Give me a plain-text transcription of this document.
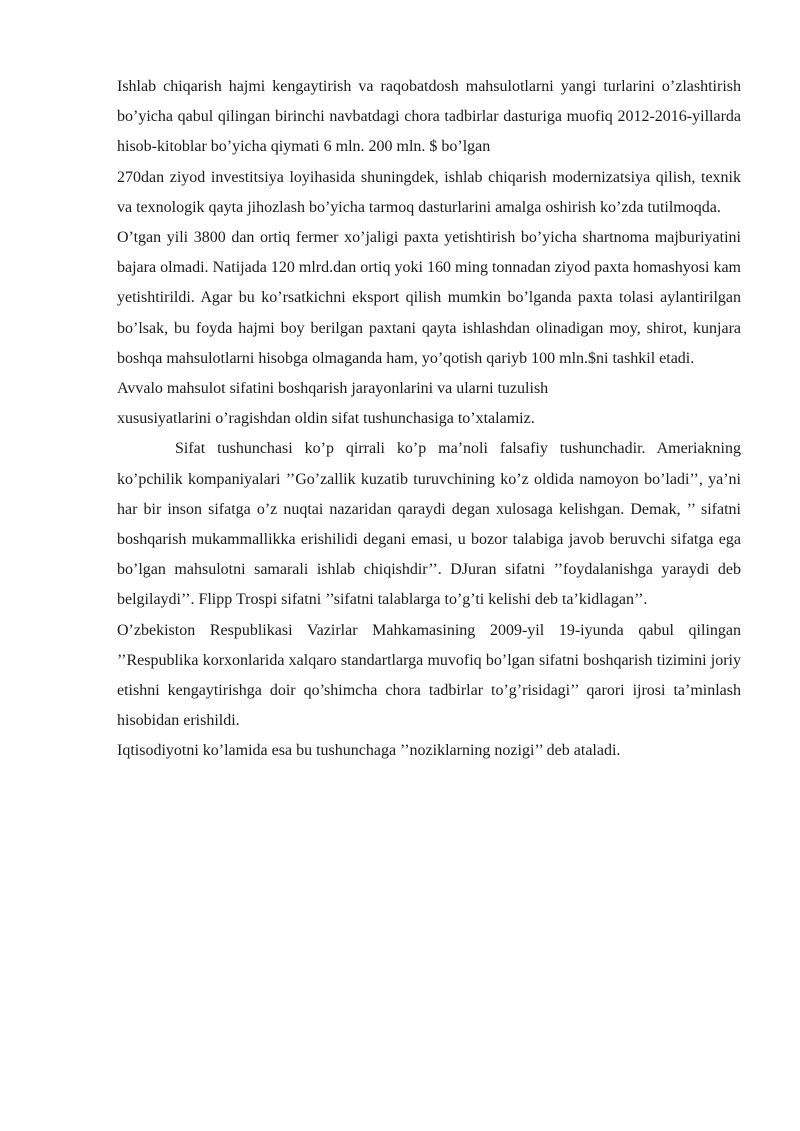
Ishlab chiqarish hajmi kengaytirish va raqobatdosh mahsulotlarni yangi turlarini o’zlashtirish bo’yicha qabul qilingan birinchi navbatdagi chora tadbirlar dasturiga muofiq 2012-2016-yillarda hisob-kitoblar bo’yicha qiymati 6 mln. 200 mln. $ bo’lgan

270dan ziyod investitsiya loyihasida shuningdek, ishlab chiqarish modernizatsiya qilish, texnik va texnologik qayta jihozlash bo’yicha tarmoq dasturlarini amalga oshirish ko’zda tutilmoqda.

O’tgan yili 3800 dan ortiq fermer xo’jaligi paxta yetishtirish bo’yicha shartnoma majburiyatini bajara olmadi. Natijada 120 mlrd.dan ortiq yoki 160 ming tonnadan ziyod paxta homashyosi kam yetishtirildi. Agar bu ko’rsatkichni eksport qilish mumkin bo’lganda paxta tolasi aylantirilgan bo’lsak, bu foyda hajmi boy berilgan paxtani qayta ishlashdan olinadigan moy, shirot, kunjara boshqa mahsulotlarni hisobga olmaganda ham, yo’qotish qariyb 100 mln.$ni tashkil etadi.

Avvalo mahsulot sifatini boshqarish jarayonlarini va ularni tuzulish

xususiyatlarini o’ragishdan oldin sifat tushunchasiga to’xtalamiz.

Sifat tushunchasi ko’p qirrali ko’p ma’noli falsafiy tushunchadir. Ameriakning ko’pchilik kompaniyalari ’’Go’zallik kuzatib turuvchining ko’z oldida namoyon bo’ladi’’, ya’ni har bir inson sifatga o’z nuqtai nazaridan qaraydi degan xulosaga kelishgan. Demak, ’’ sifatni boshqarish mukammallikka erishilidi degani emasi, u bozor talabiga javob beruvchi sifatga ega bo’lgan mahsulotni samarali ishlab chiqishdir’’. DJuran sifatni ’’foydalanishga yaraydi deb belgilaydi’’. Flipp Trospi sifatni ’’sifatni talablarga to’g’ti kelishi deb ta’kidlagan’’.

O’zbekiston Respublikasi Vazirlar Mahkamasining 2009-yil 19-iyunda qabul qilingan ’’Respublika korxonlarida xalqaro standartlarga muvofiq bo’lgan sifatni boshqarish tizimini joriy etishni kengaytirishga doir qo’shimcha chora tadbirlar to’g’risidagi’’ qarori ijrosi ta’minlash hisobidan erishildi.

Iqtisodiyotni ko’lamida esa bu tushunchaga ’’noziklarning nozigi’’ deb ataladi.
